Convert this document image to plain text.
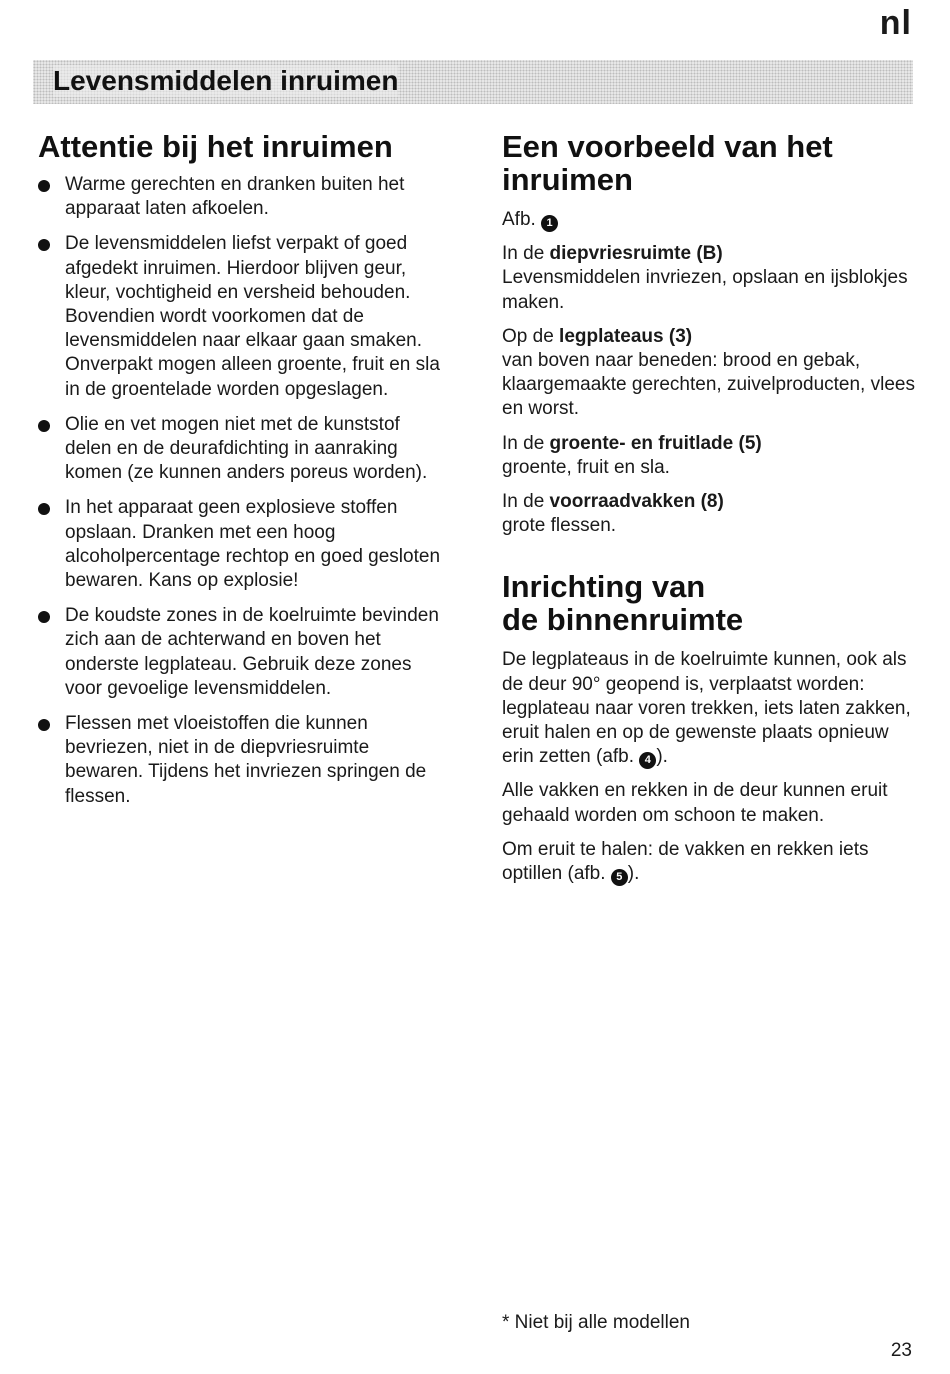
nl
Levensmiddelen inruimen
Attentie bij het inruimen
Warme gerechten en dranken buiten het apparaat laten afkoelen.
De levensmiddelen liefst verpakt of goed afgedekt inruimen. Hierdoor blijven geur, kleur, vochtigheid en versheid behouden. Bovendien wordt voorkomen dat de levensmiddelen naar elkaar gaan smaken. Onverpakt mogen alleen groente, fruit en sla in de groentelade worden opgeslagen.
Olie en vet mogen niet met de kunststof delen en de deurafdichting in aanraking komen (ze kunnen anders poreus worden).
In het apparaat geen explosieve stoffen opslaan. Dranken met een hoog alcoholpercentage rechtop en goed gesloten bewaren. Kans op explosie!
De koudste zones in de koelruimte bevinden zich aan de achterwand en boven het onderste legplateau. Gebruik deze zones voor gevoelige levensmiddelen.
Flessen met vloeistoffen die kunnen bevriezen, niet in de diepvriesruimte bewaren. Tijdens het invriezen springen de flessen.
Een voorbeeld van het inruimen

Afb. 1

In de diepvriesruimte (B)

Levensmiddelen invriezen, opslaan en ijsblokjes maken.

Op de legplateaus (3)

van boven naar beneden: brood en gebak, klaargemaakte gerechten, zuivelproducten, vlees en worst.

In de groente- en fruitlade (5)

groente, fruit en sla.

In de voorraadvakken (8)

grote flessen.

Inrichting van
de binnenruimte

De legplateaus in de koelruimte kunnen, ook als de deur 90° geopend is, verplaatst worden: legplateau naar voren trekken, iets laten zakken, eruit halen en op de gewenste plaats opnieuw erin zetten (afb. 4 ).

Alle vakken en rekken in de deur kunnen eruit gehaald worden om schoon te maken.

Om eruit te halen: de vakken en rekken iets optillen (afb. 5 ).

* Niet bij alle modellen
23
